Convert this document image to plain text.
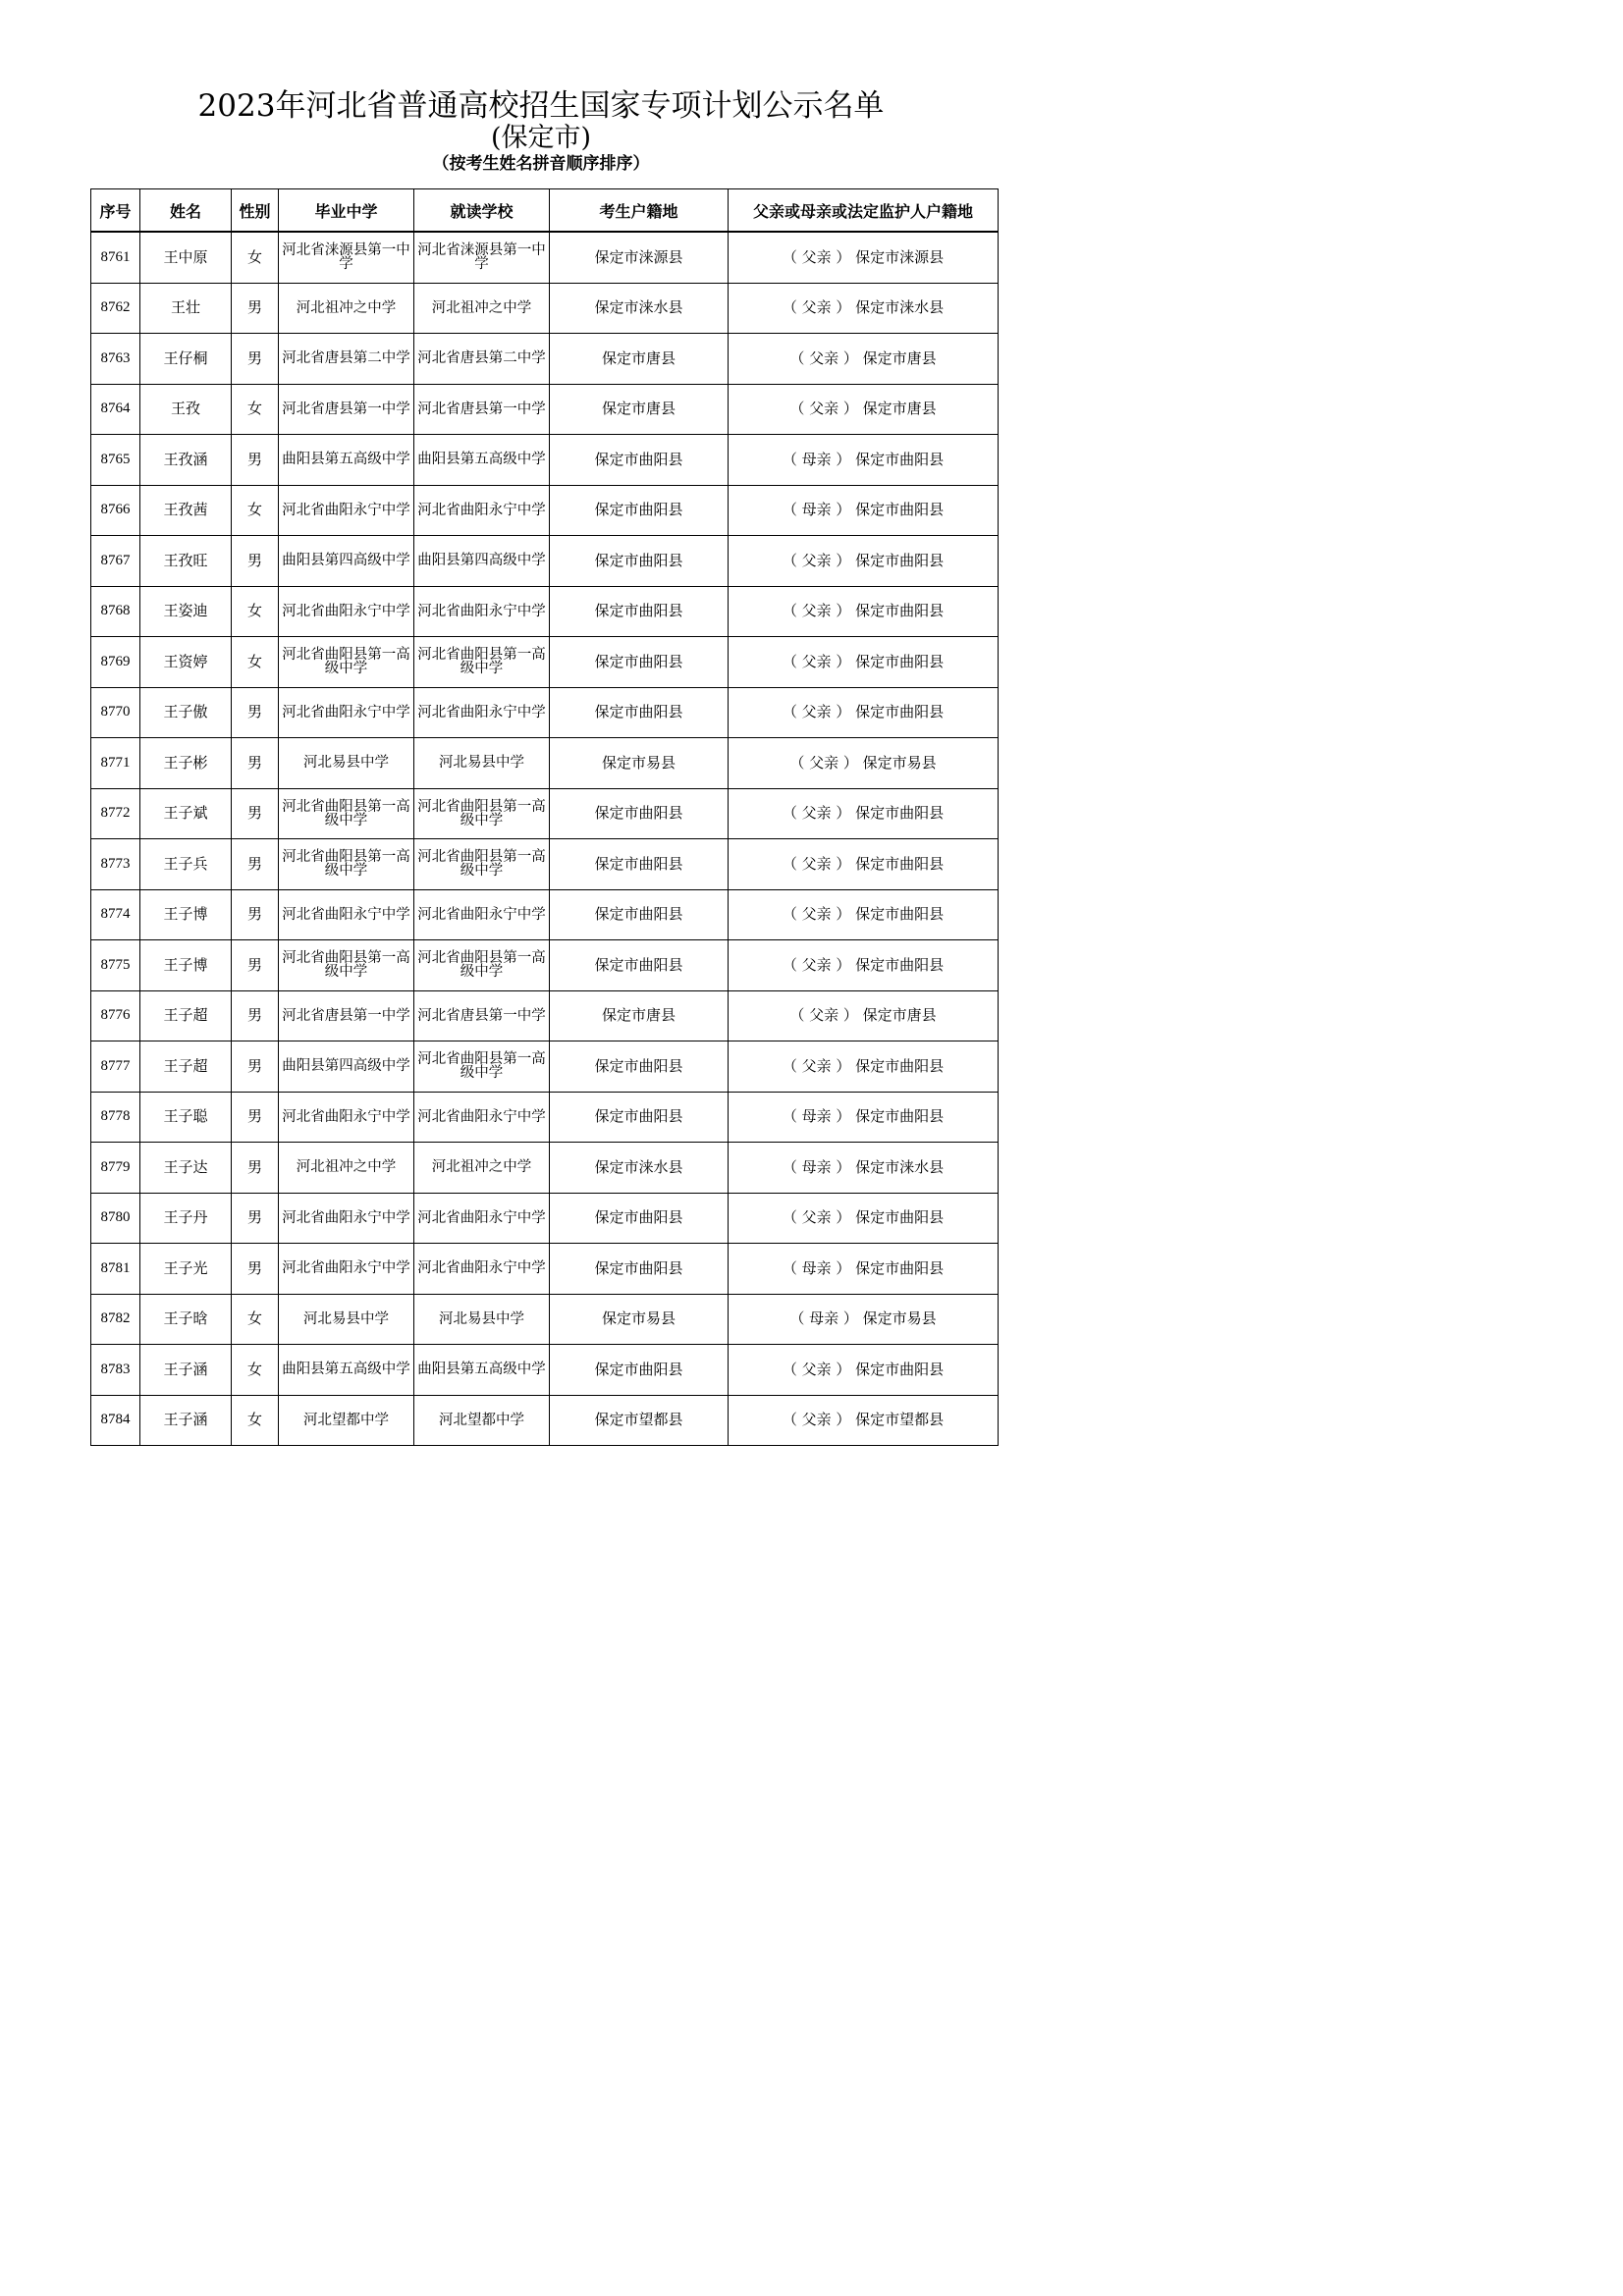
2023年河北省普通高校招生国家专项计划公示名单
(保定市)
（按考生姓名拼音顺序排序）
序号	姓名	性别	毕业中学	就读学校	考生户籍地	父亲或母亲或法定监护人户籍地
8761	王中原	女	河北省涞源县第一中学	河北省涞源县第一中学	保定市涞源县	（ 父亲 ） 保定市涞源县
8762	王壮	男	河北祖冲之中学	河北祖冲之中学	保定市涞水县	（ 父亲 ） 保定市涞水县
8763	王仔桐	男	河北省唐县第二中学	河北省唐县第二中学	保定市唐县	（ 父亲 ） 保定市唐县
8764	王孜	女	河北省唐县第一中学	河北省唐县第一中学	保定市唐县	（ 父亲 ） 保定市唐县
8765	王孜涵	男	曲阳县第五高级中学	曲阳县第五高级中学	保定市曲阳县	（ 母亲 ） 保定市曲阳县
8766	王孜茜	女	河北省曲阳永宁中学	河北省曲阳永宁中学	保定市曲阳县	（ 母亲 ） 保定市曲阳县
8767	王孜旺	男	曲阳县第四高级中学	曲阳县第四高级中学	保定市曲阳县	（ 父亲 ） 保定市曲阳县
8768	王姿迪	女	河北省曲阳永宁中学	河北省曲阳永宁中学	保定市曲阳县	（ 父亲 ） 保定市曲阳县
8769	王资婷	女	河北省曲阳县第一高级中学	河北省曲阳县第一高级中学	保定市曲阳县	（ 父亲 ） 保定市曲阳县
8770	王子傲	男	河北省曲阳永宁中学	河北省曲阳永宁中学	保定市曲阳县	（ 父亲 ） 保定市曲阳县
8771	王子彬	男	河北易县中学	河北易县中学	保定市易县	（ 父亲 ） 保定市易县
8772	王子斌	男	河北省曲阳县第一高级中学	河北省曲阳县第一高级中学	保定市曲阳县	（ 父亲 ） 保定市曲阳县
8773	王子兵	男	河北省曲阳县第一高级中学	河北省曲阳县第一高级中学	保定市曲阳县	（ 父亲 ） 保定市曲阳县
8774	王子博	男	河北省曲阳永宁中学	河北省曲阳永宁中学	保定市曲阳县	（ 父亲 ） 保定市曲阳县
8775	王子博	男	河北省曲阳县第一高级中学	河北省曲阳县第一高级中学	保定市曲阳县	（ 父亲 ） 保定市曲阳县
8776	王子超	男	河北省唐县第一中学	河北省唐县第一中学	保定市唐县	（ 父亲 ） 保定市唐县
8777	王子超	男	曲阳县第四高级中学	河北省曲阳县第一高级中学	保定市曲阳县	（ 父亲 ） 保定市曲阳县
8778	王子聪	男	河北省曲阳永宁中学	河北省曲阳永宁中学	保定市曲阳县	（ 母亲 ） 保定市曲阳县
8779	王子达	男	河北祖冲之中学	河北祖冲之中学	保定市涞水县	（ 母亲 ） 保定市涞水县
8780	王子丹	男	河北省曲阳永宁中学	河北省曲阳永宁中学	保定市曲阳县	（ 父亲 ） 保定市曲阳县
8781	王子光	男	河北省曲阳永宁中学	河北省曲阳永宁中学	保定市曲阳县	（ 母亲 ） 保定市曲阳县
8782	王子晗	女	河北易县中学	河北易县中学	保定市易县	（ 母亲 ） 保定市易县
8783	王子涵	女	曲阳县第五高级中学	曲阳县第五高级中学	保定市曲阳县	（ 父亲 ） 保定市曲阳县
8784	王子涵	女	河北望都中学	河北望都中学	保定市望都县	（ 父亲 ） 保定市望都县
